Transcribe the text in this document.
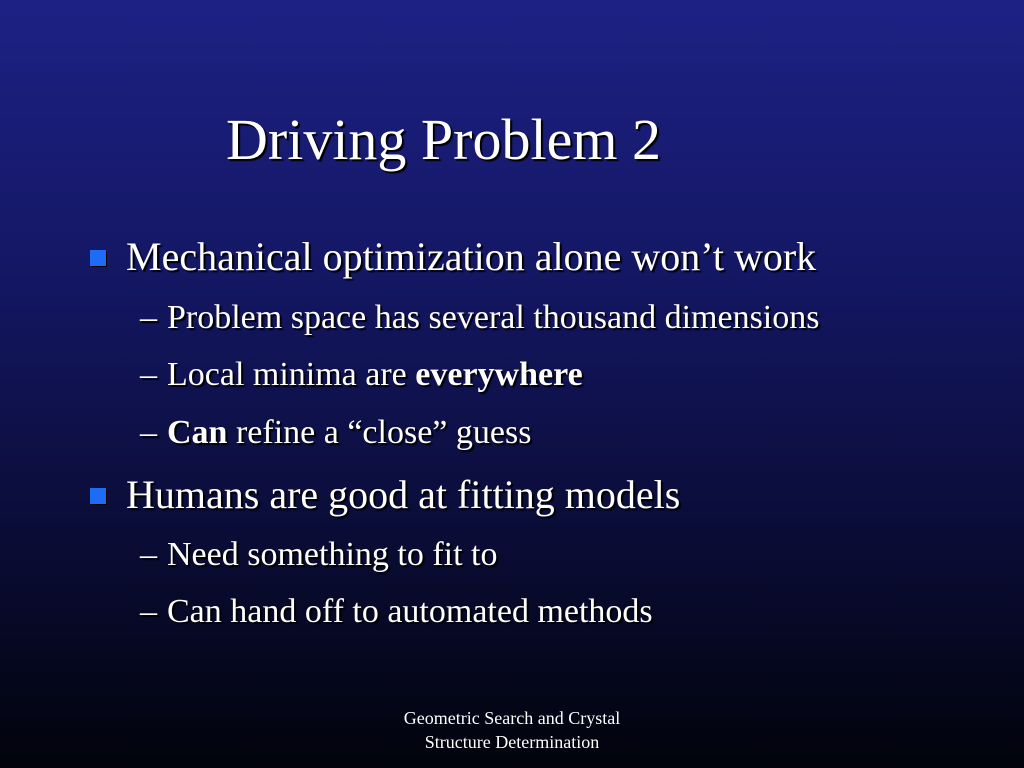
Driving Problem 2
Mechanical optimization alone won’t work
– Problem space has several thousand dimensions
– Local minima are everywhere
– Can refine a “close” guess
Humans are good at fitting models
– Need something to fit to
– Can hand off to automated methods
Geometric Search and Crystal
Structure Determination
